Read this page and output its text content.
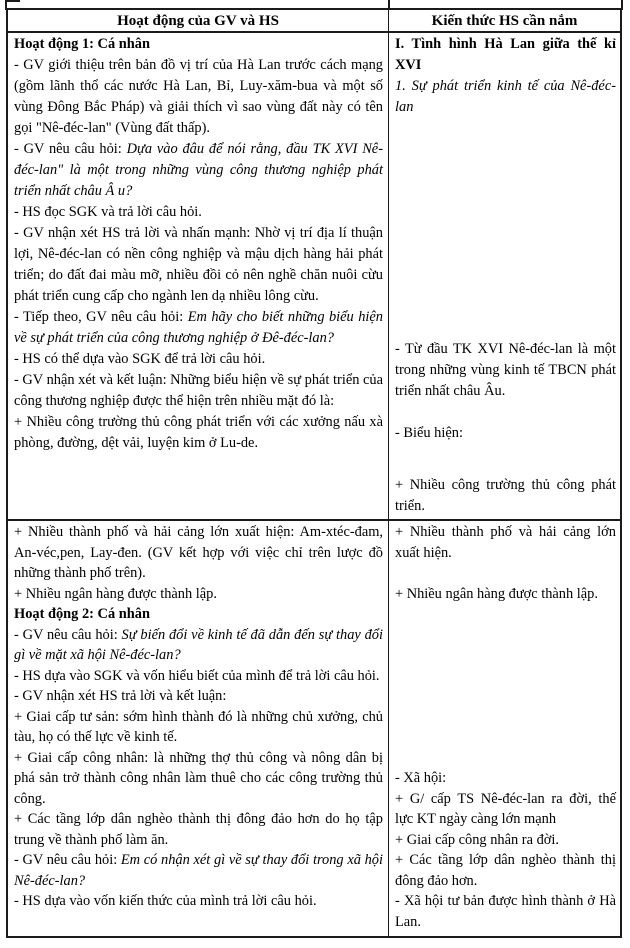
Hoạt động của GV và HS	Kiến thức HS cần nắm

Hoạt động 1: Cá nhân

- GV giới thiệu trên bản đồ vị trí của Hà Lan trước cách mạng (gồm lãnh thổ các nước Hà Lan, Bỉ, Luy-xăm-bua và một số vùng Đông Bắc Pháp) và giải thích vì sao vùng đất này có tên gọi "Nê-đéc-lan" (Vùng đất thấp).

- GV nêu câu hỏi: Dựa vào đâu để nói rằng, đầu TK XVI Nê-đéc-lan" là một trong những vùng công thương nghiệp phát triển nhất châu Â u?

- HS đọc SGK và trả lời câu hỏi.

- GV nhận xét HS trả lời và nhấn mạnh: Nhờ vị trí địa lí thuận lợi, Nê-đéc-lan có nền công nghiệp và mậu dịch hàng hải phát triển; do đất đai màu mỡ, nhiều đồi cỏ nên nghề chăn nuôi cừu phát triển cung cấp cho ngành len dạ nhiều lông cừu.

- Tiếp theo, GV nêu câu hỏi: Em hãy cho biết những biểu hiện về sự phát triển của công thương nghiệp ở Đê-đéc-lan?

- HS có thể dựa vào SGK để trả lời câu hỏi.

- GV nhận xét và kết luận: Những biểu hiện về sự phát triển của công thương nghiệp được thể hiện trên nhiều mặt đó là:

+ Nhiều công trường thủ công phát triển với các xưởng nấu xà phòng, đường, dệt vải, luyện kim ở Lu-de.

I. Tình hình Hà Lan giữa thế kỉ XVI

1. Sự phát triển kinh tế của Nê-đéc-lan

- Từ đầu TK XVI Nê-đéc-lan là một trong những vùng kinh tế TBCN phát triển nhất châu Âu.

- Biểu hiện:

+ Nhiều công trường thủ công phát triển.

+ Nhiều thành phố và hải cảng lớn xuất hiện: Am-xtéc-đam, An-véc,pen, Lay-đen. (GV kết hợp với việc chỉ trên lược đồ những thành phố trên).

+ Nhiều ngân hàng được thành lập.

Hoạt động 2: Cá nhân

- GV nêu câu hỏi: Sự biến đổi về kinh tế đã dẫn đến sự thay đổi gì về mặt xã hội Nê-đéc-lan?

- HS dựa vào SGK và vốn hiểu biết của mình để trả lời câu hỏi.

- GV nhận xét HS trả lời và kết luận:

+ Giai cấp tư sản: sớm hình thành đó là những chủ xưởng, chủ tàu, họ có thế lực về kinh tế.

+ Giai cấp công nhân: là những thợ thủ công và nông dân bị phá sản trở thành công nhân làm thuê cho các công trường thủ công.

+ Các tầng lớp dân nghèo thành thị đông đảo hơn do họ tập trung về thành phố làm ăn.

- GV nêu câu hỏi: Em có nhận xét gì về sự thay đổi trong xã hội Nê-đéc-lan?

- HS dựa vào vốn kiến thức của mình trả lời câu hỏi.

+ Nhiều thành phố và hải cảng lớn xuất hiện.

+ Nhiều ngân hàng được thành lập.

- Xã hội:

+ G/ cấp TS Nê-đéc-lan ra đời, thế lực KT ngày càng lớn mạnh

+ Giai cấp công nhân ra đời.

+ Các tầng lớp dân nghèo thành thị đông đảo hơn.

- Xã hội tư bản được hình thành ở Hà Lan.
